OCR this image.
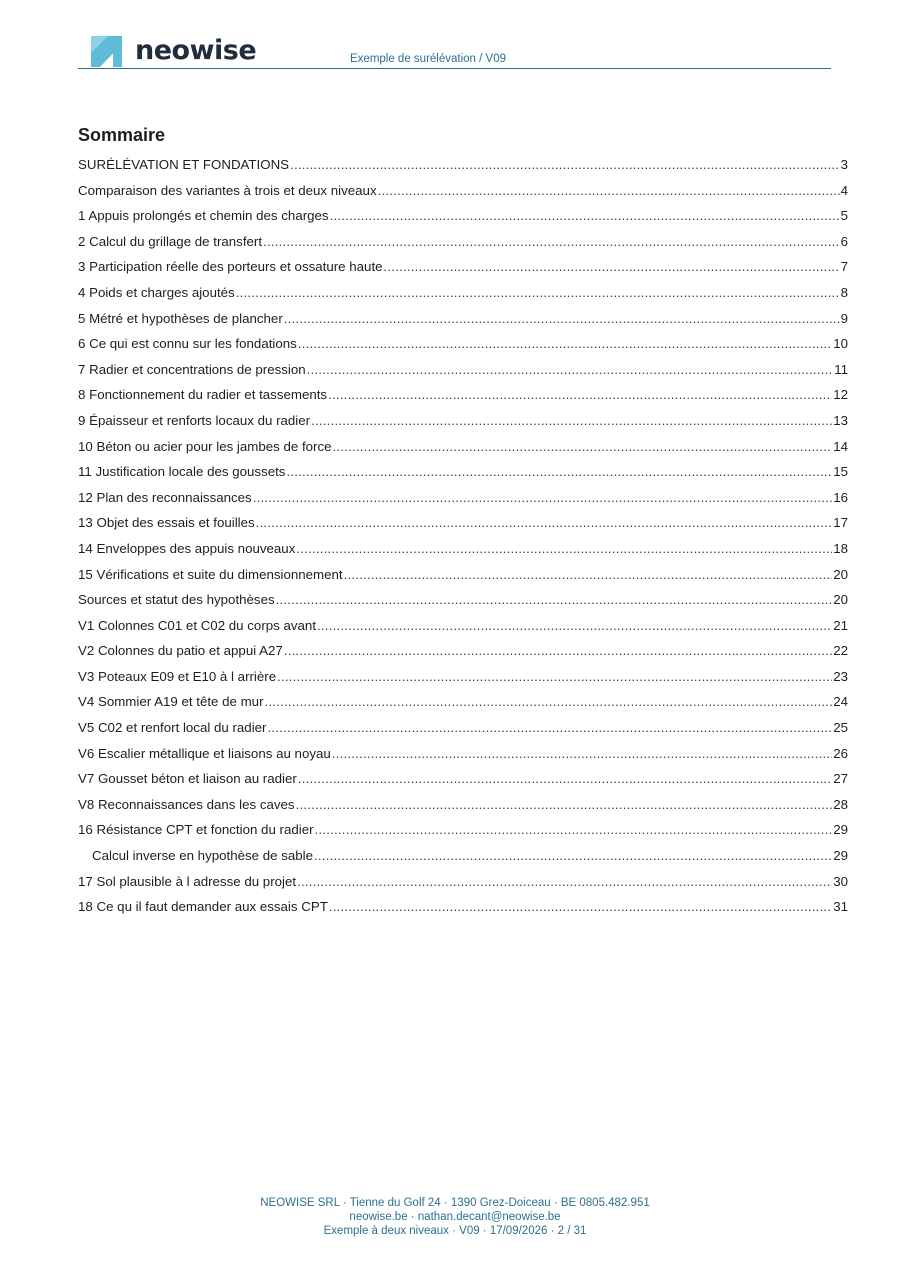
neowise	Exemple de surélévation / V09
Sommaire
SURÉLÉVATION ET FONDATIONS .....	3
Comparaison des variantes à trois et deux niveaux .....	4
1 Appuis prolongés et chemin des charges .....	5
2 Calcul du grillage de transfert .....	6
3 Participation réelle des porteurs et ossature haute .....	7
4 Poids et charges ajoutés .....	8
5 Métré et hypothèses de plancher .....	9
6 Ce qui est connu sur les fondations .....	10
7 Radier et concentrations de pression .....	11
8 Fonctionnement du radier et tassements .....	12
9 Épaisseur et renforts locaux du radier .....	13
10 Béton ou acier pour les jambes de force .....	14
11 Justification locale des goussets .....	15
12 Plan des reconnaissances .....	16
13 Objet des essais et fouilles .....	17
14 Enveloppes des appuis nouveaux .....	18
15 Vérifications et suite du dimensionnement .....	20
Sources et statut des hypothèses .....	20
V1 Colonnes C01 et C02 du corps avant .....	21
V2 Colonnes du patio et appui A27 .....	22
V3 Poteaux E09 et E10 à l arrière .....	23
V4 Sommier A19 et tête de mur .....	24
V5 C02 et renfort local du radier .....	25
V6 Escalier métallique et liaisons au noyau .....	26
V7 Gousset béton et liaison au radier .....	27
V8 Reconnaissances dans les caves .....	28
16 Résistance CPT et fonction du radier .....	29
Calcul inverse en hypothèse de sable .....	29
17 Sol plausible à l adresse du projet .....	30
18 Ce qu il faut demander aux essais CPT .....	31
NEOWISE SRL · Tienne du Golf 24 · 1390 Grez-Doiceau · BE 0805.482.951
neowise.be · nathan.decant@neowise.be
Exemple à deux niveaux · V09 · 17/09/2026 · 2 / 31
